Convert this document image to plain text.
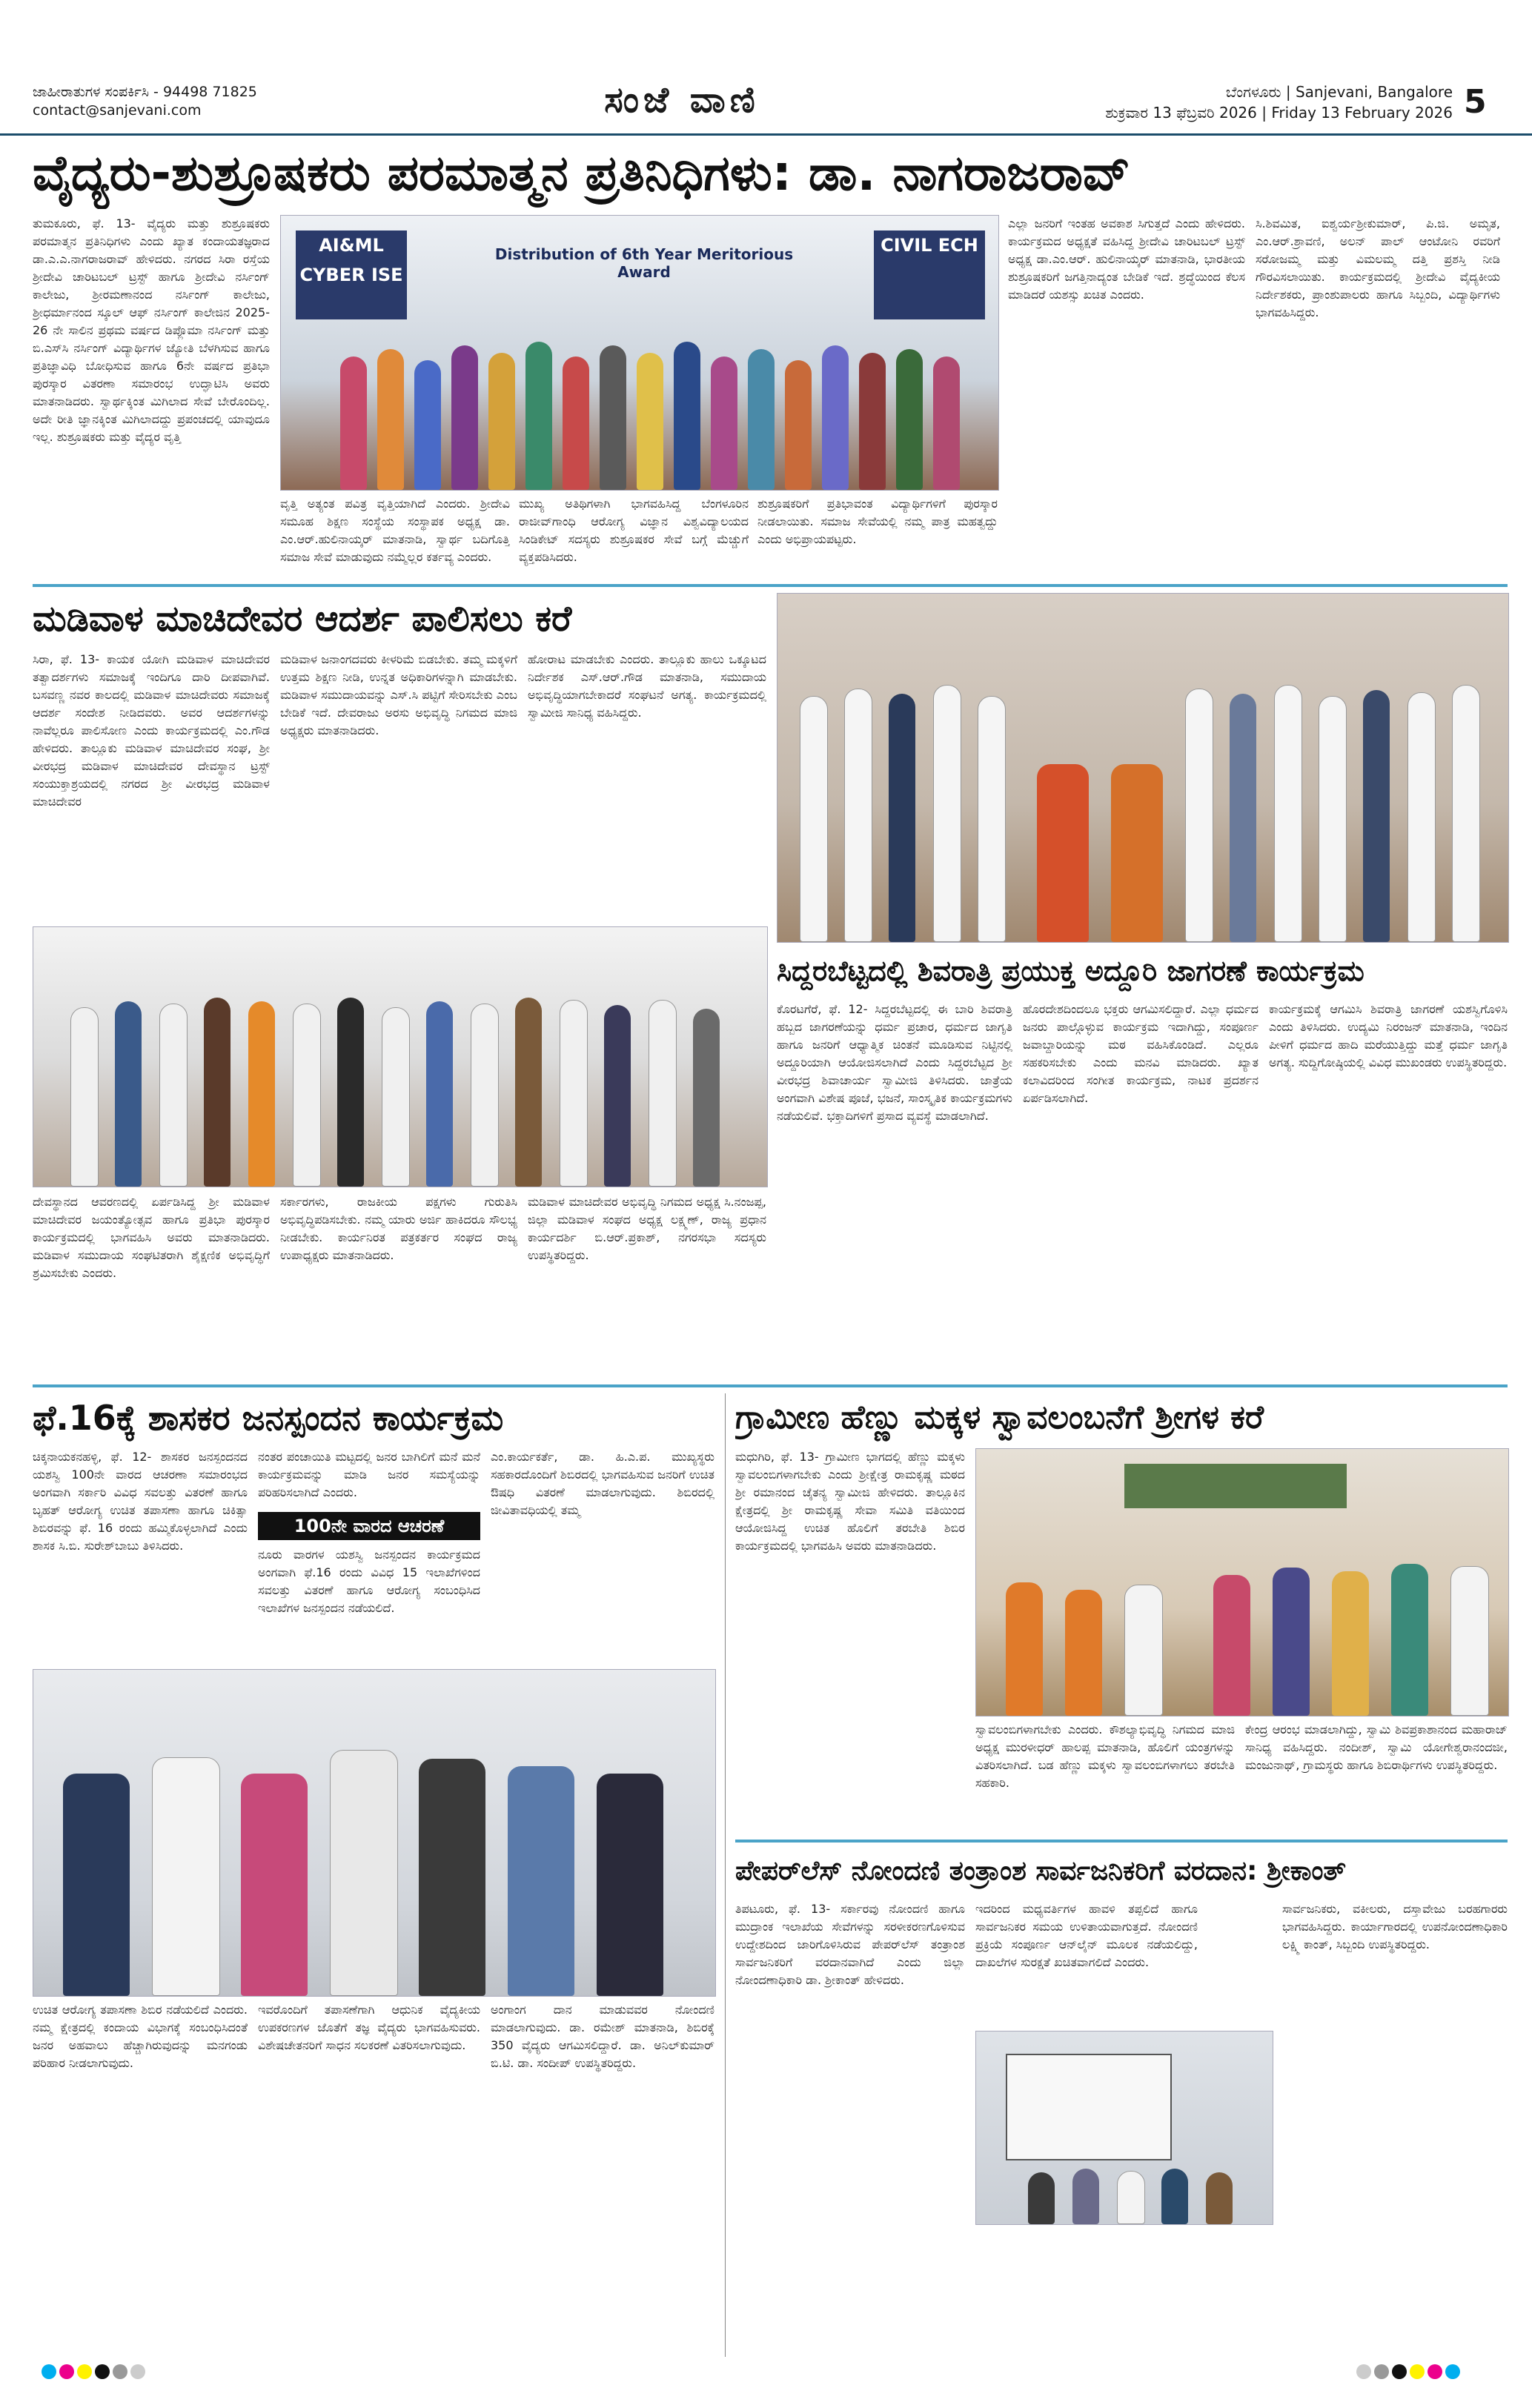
ಜಾಹೀರಾತುಗಳ ಸಂಪರ್ಕಿಸಿ - 94498 71825
contact@sanjevani.com	ಸಂಜೆ ವಾಣಿ	ಬೆಂಗಳೂರು | Sanjevani, Bangalore
ಶುಕ್ರವಾರ 13 ಫೆಬ್ರವರಿ 2026 | Friday 13 February 2026 5
ವೈದ್ಯರು-ಶುಶ್ರೂಷಕರು ಪರಮಾತ್ಮನ ಪ್ರತಿನಿಧಿಗಳು: ಡಾ. ನಾಗರಾಜರಾವ್
ತುಮಕೂರು, ಫೆ. 13- ವೈದ್ಯರು ಮತ್ತು ಶುಶ್ರೂಷಕರು ಪರಮಾತ್ಮನ ಪ್ರತಿನಿಧಿಗಳು ಎಂದು ಖ್ಯಾತ ಕಂದಾಯತಜ್ಞರಾದ ಡಾ.ಎ.ಎ.ನಾಗರಾಜರಾವ್ ಹೇಳಿದರು. ನಗರದ ಸಿರಾ ರಸ್ತೆಯ ಶ್ರೀದೇವಿ ಚಾರಿಟಬಲ್ ಟ್ರಸ್ಟ್ ಹಾಗೂ ಶ್ರೀದೇವಿ ನರ್ಸಿಂಗ್ ಕಾಲೇಜು, ಶ್ರೀರಮಣಾನಂದ ನರ್ಸಿಂಗ್ ಕಾಲೇಜು, ಶ್ರೀಧರ್ಮಾನಂದ ಸ್ಕೂಲ್ ಆಫ್ ನರ್ಸಿಂಗ್ ಕಾಲೇಜಿನ 2025-26 ನೇ ಸಾಲಿನ ಪ್ರಥಮ ವರ್ಷದ ಡಿಪ್ಲೊಮಾ ನರ್ಸಿಂಗ್ ಮತ್ತು ಬಿ.ಎಸ್‌ಸಿ ನರ್ಸಿಂಗ್ ವಿದ್ಯಾರ್ಥಿಗಳ ಜ್ಯೋತಿ ಬೆಳಗಿಸುವ ಹಾಗೂ ಪ್ರತಿಜ್ಞಾವಿಧಿ ಬೋಧಿಸುವ ಹಾಗೂ 6ನೇ ವರ್ಷದ ಪ್ರತಿಭಾ ಪುರಸ್ಕಾರ ವಿತರಣಾ ಸಮಾರಂಭ ಉದ್ಘಾಟಿಸಿ ಅವರು ಮಾತನಾಡಿದರು. ಸ್ವಾರ್ಥಕ್ಕಿಂತ ಮಿಗಿಲಾದ ಸೇವೆ ಬೇರೊಂದಿಲ್ಲ. ಅದೇ ರೀತಿ ಜ್ಞಾನಕ್ಕಿಂತ ಮಿಗಿಲಾದದ್ದು ಪ್ರಪಂಚದಲ್ಲಿ ಯಾವುದೂ ಇಲ್ಲ. ಶುಶ್ರೂಷಕರು ಮತ್ತು ವೈದ್ಯರ ವೃತ್ತಿ
AI&ML CYBER ISE
CIVIL ECH
Distribution of 6th Year Meritorious Award
ವೃತ್ತಿ ಅತ್ಯಂತ ಪವಿತ್ರ ವೃತ್ತಿಯಾಗಿದೆ ಎಂದರು. ಶ್ರೀದೇವಿ ಸಮೂಹ ಶಿಕ್ಷಣ ಸಂಸ್ಥೆಯ ಸಂಸ್ಥಾಪಕ ಅಧ್ಯಕ್ಷ ಡಾ. ಎಂ.ಆರ್.ಹುಲಿನಾಯ್ಕರ್ ಮಾತನಾಡಿ, ಸ್ವಾರ್ಥ ಬದಿಗೊತ್ತಿ ಸಮಾಜ ಸೇವೆ ಮಾಡುವುದು ನಮ್ಮೆಲ್ಲರ ಕರ್ತವ್ಯ ಎಂದರು.
ಮುಖ್ಯ ಅತಿಥಿಗಳಾಗಿ ಭಾಗವಹಿಸಿದ್ದ ಬೆಂಗಳೂರಿನ ರಾಜೀವ್‌ಗಾಂಧಿ ಆರೋಗ್ಯ ವಿಜ್ಞಾನ ವಿಶ್ವವಿದ್ಯಾಲಯದ ಸಿಂಡಿಕೇಟ್ ಸದಸ್ಯರು ಶುಶ್ರೂಷಕರ ಸೇವೆ ಬಗ್ಗೆ ಮೆಚ್ಚುಗೆ ವ್ಯಕ್ತಪಡಿಸಿದರು.
ಶುಶ್ರೂಷಕರಿಗೆ ಪ್ರತಿಭಾವಂತ ವಿದ್ಯಾರ್ಥಿಗಳಿಗೆ ಪುರಸ್ಕಾರ ನೀಡಲಾಯಿತು. ಸಮಾಜ ಸೇವೆಯಲ್ಲಿ ನಮ್ಮ ಪಾತ್ರ ಮಹತ್ವದ್ದು ಎಂದು ಅಭಿಪ್ರಾಯಪಟ್ಟರು.
ಎಲ್ಲಾ ಜನರಿಗೆ ಇಂತಹ ಅವಕಾಶ ಸಿಗುತ್ತದೆ ಎಂದು ಹೇಳಿದರು. ಕಾರ್ಯಕ್ರಮದ ಅಧ್ಯಕ್ಷತೆ ವಹಿಸಿದ್ದ ಶ್ರೀದೇವಿ ಚಾರಿಟಬಲ್ ಟ್ರಸ್ಟ್ ಅಧ್ಯಕ್ಷ ಡಾ.ಎಂ.ಆರ್. ಹುಲಿನಾಯ್ಕರ್ ಮಾತನಾಡಿ, ಭಾರತೀಯ ಶುಶ್ರೂಷಕರಿಗೆ ಜಗತ್ತಿನಾದ್ಯಂತ ಬೇಡಿಕೆ ಇದೆ. ಶ್ರದ್ಧೆಯಿಂದ ಕೆಲಸ ಮಾಡಿದರೆ ಯಶಸ್ಸು ಖಚಿತ ಎಂದರು.
ಸಿ.ಶಿವಮಿತ, ಐಶ್ವರ್ಯಶ್ರೀಕುಮಾರ್, ಪಿ.ಜಿ. ಅಮೃತ, ಎಂ.ಆರ್.ಶ್ರಾವಣಿ, ಅಲನ್ ಪಾಲ್ ಆಂಟೋನಿ ರವರಿಗೆ ಸರೋಜಮ್ಮ ಮತ್ತು ವಿಮಲಮ್ಮ ದತ್ತಿ ಪ್ರಶಸ್ತಿ ನೀಡಿ ಗೌರವಿಸಲಾಯಿತು. ಕಾರ್ಯಕ್ರಮದಲ್ಲಿ ಶ್ರೀದೇವಿ ವೈದ್ಯಕೀಯ ನಿರ್ದೇಶಕರು, ಪ್ರಾಂಶುಪಾಲರು ಹಾಗೂ ಸಿಬ್ಬಂದಿ, ವಿದ್ಯಾರ್ಥಿಗಳು ಭಾಗವಹಿಸಿದ್ದರು.
ಮಡಿವಾಳ ಮಾಚಿದೇವರ ಆದರ್ಶ ಪಾಲಿಸಲು ಕರೆ
ಸಿರಾ, ಫೆ. 13- ಕಾಯಕ ಯೋಗಿ ಮಡಿವಾಳ ಮಾಚಿದೇವರ ತತ್ವಾದರ್ಶಗಳು ಸಮಾಜಕ್ಕೆ ಇಂದಿಗೂ ದಾರಿ ದೀಪವಾಗಿವೆ. ಬಸವಣ್ಣ ನವರ ಕಾಲದಲ್ಲಿ ಮಡಿವಾಳ ಮಾಚಿದೇವರು ಸಮಾಜಕ್ಕೆ ಆದರ್ಶ ಸಂದೇಶ ನೀಡಿದವರು. ಅವರ ಆದರ್ಶಗಳನ್ನು ನಾವೆಲ್ಲರೂ ಪಾಲಿಸೋಣ ಎಂದು ಕಾರ್ಯಕ್ರಮದಲ್ಲಿ ಎಂ.ಗೌಡ ಹೇಳಿದರು. ತಾಲ್ಲೂಕು ಮಡಿವಾಳ ಮಾಚಿದೇವರ ಸಂಘ, ಶ್ರೀ ವೀರಭದ್ರ ಮಡಿವಾಳ ಮಾಚಿದೇವರ ದೇವಸ್ಥಾನ ಟ್ರಸ್ಟ್ ಸಂಯುಕ್ತಾಶ್ರಯದಲ್ಲಿ ನಗರದ ಶ್ರೀ ವೀರಭದ್ರ ಮಡಿವಾಳ ಮಾಚಿದೇವರ
ಮಡಿವಾಳ ಜನಾಂಗದವರು ಕೀಳರಿಮೆ ಬಿಡಬೇಕು. ತಮ್ಮ ಮಕ್ಕಳಿಗೆ ಉತ್ತಮ ಶಿಕ್ಷಣ ನೀಡಿ, ಉನ್ನತ ಅಧಿಕಾರಿಗಳನ್ನಾಗಿ ಮಾಡಬೇಕು. ಮಡಿವಾಳ ಸಮುದಾಯವನ್ನು ಎಸ್.ಸಿ ಪಟ್ಟಿಗೆ ಸೇರಿಸಬೇಕು ಎಂಬ ಬೇಡಿಕೆ ಇದೆ. ದೇವರಾಜು ಅರಸು ಅಭಿವೃದ್ಧಿ ನಿಗಮದ ಮಾಜಿ ಅಧ್ಯಕ್ಷರು ಮಾತನಾಡಿದರು.
ಹೋರಾಟ ಮಾಡಬೇಕು ಎಂದರು. ತಾಲ್ಲೂಕು ಹಾಲು ಒಕ್ಕೂಟದ ನಿರ್ದೇಶಕ ಎಸ್.ಆರ್.ಗೌಡ ಮಾತನಾಡಿ, ಸಮುದಾಯ ಅಭಿವೃದ್ಧಿಯಾಗಬೇಕಾದರೆ ಸಂಘಟನೆ ಅಗತ್ಯ. ಕಾರ್ಯಕ್ರಮದಲ್ಲಿ ಸ್ವಾಮೀಜಿ ಸಾನಿಧ್ಯ ವಹಿಸಿದ್ದರು.
ದೇವಸ್ಥಾನದ ಆವರಣದಲ್ಲಿ ಏರ್ಪಡಿಸಿದ್ದ ಶ್ರೀ ಮಡಿವಾಳ ಮಾಚಿದೇವರ ಜಯಂತ್ಯೋತ್ಸವ ಹಾಗೂ ಪ್ರತಿಭಾ ಪುರಸ್ಕಾರ ಕಾರ್ಯಕ್ರಮದಲ್ಲಿ ಭಾಗವಹಿಸಿ ಅವರು ಮಾತನಾಡಿದರು. ಮಡಿವಾಳ ಸಮುದಾಯ ಸಂಘಟಿತರಾಗಿ ಶೈಕ್ಷಣಿಕ ಅಭಿವೃದ್ಧಿಗೆ ಶ್ರಮಿಸಬೇಕು ಎಂದರು.
ಸರ್ಕಾರಗಳು, ರಾಜಕೀಯ ಪಕ್ಷಗಳು ಗುರುತಿಸಿ ಅಭಿವೃದ್ಧಿಪಡಿಸಬೇಕು. ನಮ್ಮ ಯಾರು ಅರ್ಜಿ ಹಾಕಿದರೂ ಸೌಲಭ್ಯ ನೀಡಬೇಕು. ಕಾರ್ಯನಿರತ ಪತ್ರಕರ್ತರ ಸಂಘದ ರಾಜ್ಯ ಉಪಾಧ್ಯಕ್ಷರು ಮಾತನಾಡಿದರು.
ಮಡಿವಾಳ ಮಾಚಿದೇವರ ಅಭಿವೃದ್ಧಿ ನಿಗಮದ ಅಧ್ಯಕ್ಷ ಸಿ.ನಂಜಪ್ಪ, ಜಿಲ್ಲಾ ಮಡಿವಾಳ ಸಂಘದ ಅಧ್ಯಕ್ಷ ಲಕ್ಷ್ಮಣ್, ರಾಜ್ಯ ಪ್ರಧಾನ ಕಾರ್ಯದರ್ಶಿ ಬಿ.ಆರ್.ಪ್ರಕಾಶ್, ನಗರಸಭಾ ಸದಸ್ಯರು ಉಪಸ್ಥಿತರಿದ್ದರು.
ಸಿದ್ದರಬೆಟ್ಟದಲ್ಲಿ ಶಿವರಾತ್ರಿ ಪ್ರಯುಕ್ತ ಅದ್ದೂರಿ ಜಾಗರಣೆ ಕಾರ್ಯಕ್ರಮ
ಕೊರಟಗೆರೆ, ಫೆ. 12- ಸಿದ್ದರಬೆಟ್ಟದಲ್ಲಿ ಈ ಬಾರಿ ಶಿವರಾತ್ರಿ ಹಬ್ಬದ ಜಾಗರಣೆಯನ್ನು ಧರ್ಮ ಪ್ರಚಾರ, ಧರ್ಮದ ಜಾಗೃತಿ ಹಾಗೂ ಜನರಿಗೆ ಆಧ್ಯಾತ್ಮಿಕ ಚಿಂತನೆ ಮೂಡಿಸುವ ನಿಟ್ಟಿನಲ್ಲಿ ಅದ್ದೂರಿಯಾಗಿ ಆಯೋಜಿಸಲಾಗಿದೆ ಎಂದು ಸಿದ್ದರಬೆಟ್ಟದ ಶ್ರೀ ವೀರಭದ್ರ ಶಿವಾಚಾರ್ಯ ಸ್ವಾಮೀಜಿ ತಿಳಿಸಿದರು. ಜಾತ್ರೆಯ ಅಂಗವಾಗಿ ವಿಶೇಷ ಪೂಜೆ, ಭಜನೆ, ಸಾಂಸ್ಕೃತಿಕ ಕಾರ್ಯಕ್ರಮಗಳು ನಡೆಯಲಿವೆ. ಭಕ್ತಾದಿಗಳಿಗೆ ಪ್ರಸಾದ ವ್ಯವಸ್ಥೆ ಮಾಡಲಾಗಿದೆ.
ಹೊರದೇಶದಿಂದಲೂ ಭಕ್ತರು ಆಗಮಿಸಲಿದ್ದಾರೆ. ಎಲ್ಲಾ ಧರ್ಮದ ಜನರು ಪಾಲ್ಗೊಳ್ಳುವ ಕಾರ್ಯಕ್ರಮ ಇದಾಗಿದ್ದು, ಸಂಪೂರ್ಣ ಜವಾಬ್ದಾರಿಯನ್ನು ಮಠ ವಹಿಸಿಕೊಂಡಿದೆ. ಎಲ್ಲರೂ ಸಹಕರಿಸಬೇಕು ಎಂದು ಮನವಿ ಮಾಡಿದರು. ಖ್ಯಾತ ಕಲಾವಿದರಿಂದ ಸಂಗೀತ ಕಾರ್ಯಕ್ರಮ, ನಾಟಕ ಪ್ರದರ್ಶನ ಏರ್ಪಡಿಸಲಾಗಿದೆ.
ಕಾರ್ಯಕ್ರಮಕ್ಕೆ ಆಗಮಿಸಿ ಶಿವರಾತ್ರಿ ಜಾಗರಣೆ ಯಶಸ್ವಿಗೊಳಿಸಿ ಎಂದು ತಿಳಿಸಿದರು. ಉದ್ಯಮಿ ನಿರಂಜನ್ ಮಾತನಾಡಿ, ಇಂದಿನ ಪೀಳಿಗೆ ಧರ್ಮದ ಹಾದಿ ಮರೆಯುತ್ತಿದ್ದು ಮತ್ತೆ ಧರ್ಮ ಜಾಗೃತಿ ಅಗತ್ಯ. ಸುದ್ದಿಗೋಷ್ಠಿಯಲ್ಲಿ ವಿವಿಧ ಮುಖಂಡರು ಉಪಸ್ಥಿತರಿದ್ದರು.
ಫೆ.16ಕ್ಕೆ ಶಾಸಕರ ಜನಸ್ಪಂದನ ಕಾರ್ಯಕ್ರಮ
ಚಿಕ್ಕನಾಯಕನಹಳ್ಳಿ, ಫೆ. 12- ಶಾಸಕರ ಜನಸ್ಪಂದನದ ಯಶಸ್ವಿ 100ನೇ ವಾರದ ಆಚರಣಾ ಸಮಾರಂಭದ ಅಂಗವಾಗಿ ಸರ್ಕಾರಿ ವಿವಿಧ ಸವಲತ್ತು ವಿತರಣೆ ಹಾಗೂ ಬೃಹತ್ ಆರೋಗ್ಯ ಉಚಿತ ತಪಾಸಣಾ ಹಾಗೂ ಚಿಕಿತ್ಸಾ ಶಿಬಿರವನ್ನು ಫೆ. 16 ರಂದು ಹಮ್ಮಿಕೊಳ್ಳಲಾಗಿದೆ ಎಂದು ಶಾಸಕ ಸಿ.ಬಿ. ಸುರೇಶ್‌ಬಾಬು ತಿಳಿಸಿದರು.
ನಂತರ ಪಂಚಾಯಿತಿ ಮಟ್ಟದಲ್ಲಿ ಜನರ ಬಾಗಿಲಿಗೆ ಮನೆ ಮನೆ ಕಾರ್ಯಕ್ರಮವನ್ನು ಮಾಡಿ ಜನರ ಸಮಸ್ಯೆಯನ್ನು ಪರಿಹರಿಸಲಾಗಿದೆ ಎಂದರು.
100ನೇ ವಾರದ ಆಚರಣೆ
ನೂರು ವಾರಗಳ ಯಶಸ್ವಿ ಜನಸ್ಪಂದನ ಕಾರ್ಯಕ್ರಮದ ಅಂಗವಾಗಿ ಫೆ.16 ರಂದು ವಿವಿಧ 15 ಇಲಾಖೆಗಳಿಂದ ಸವಲತ್ತು ವಿತರಣೆ ಹಾಗೂ ಆರೋಗ್ಯ ಸಂಬಂಧಿಸಿದ ಇಲಾಖೆಗಳ ಜನಸ್ಪಂದನ ನಡೆಯಲಿದೆ.
ಎಂ.ಕಾರ್ಯಕರ್ತೆ, ಡಾ. ಹಿ.ಎ.ಪ. ಮುಖ್ಯಸ್ಥರು ಸಹಕಾರದೊಂದಿಗೆ ಶಿಬಿರದಲ್ಲಿ ಭಾಗವಹಿಸುವ ಜನರಿಗೆ ಉಚಿತ ಔಷಧಿ ವಿತರಣೆ ಮಾಡಲಾಗುವುದು. ಶಿಬಿರದಲ್ಲಿ ಜೀವಿತಾವಧಿಯಲ್ಲಿ ತಮ್ಮ
ಉಚಿತ ಆರೋಗ್ಯ ತಪಾಸಣಾ ಶಿಬಿರ ನಡೆಯಲಿದೆ ಎಂದರು. ನಮ್ಮ ಕ್ಷೇತ್ರದಲ್ಲಿ ಕಂದಾಯ ವಿಭಾಗಕ್ಕೆ ಸಂಬಂಧಿಸಿದಂತೆ ಜನರ ಅಹವಾಲು ಹೆಚ್ಚಾಗಿರುವುದನ್ನು ಮನಗಂಡು ಪರಿಹಾರ ನೀಡಲಾಗುವುದು.
ಇವರೊಂದಿಗೆ ತಪಾಸಣೆಗಾಗಿ ಆಧುನಿಕ ವೈದ್ಯಕೀಯ ಉಪಕರಣಗಳ ಜೊತೆಗೆ ತಜ್ಞ ವೈದ್ಯರು ಭಾಗವಹಿಸುವರು. ವಿಶೇಷಚೇತನರಿಗೆ ಸಾಧನ ಸಲಕರಣೆ ವಿತರಿಸಲಾಗುವುದು.
ಅಂಗಾಂಗ ದಾನ ಮಾಡುವವರ ನೋಂದಣಿ ಮಾಡಲಾಗುವುದು. ಡಾ. ರಮೇಶ್ ಮಾತನಾಡಿ, ಶಿಬಿರಕ್ಕೆ 350 ವೈದ್ಯರು ಆಗಮಿಸಲಿದ್ದಾರೆ. ಡಾ. ಅನಿಲ್‌ಕುಮಾರ್ ಬಿ.ಟಿ. ಡಾ. ಸಂದೀಪ್ ಉಪಸ್ಥಿತರಿದ್ದರು.
ಗ್ರಾಮೀಣ ಹೆಣ್ಣು ಮಕ್ಕಳ ಸ್ವಾವಲಂಬನೆಗೆ ಶ್ರೀಗಳ ಕರೆ
ಮಧುಗಿರಿ, ಫೆ. 13- ಗ್ರಾಮೀಣ ಭಾಗದಲ್ಲಿ ಹೆಣ್ಣು ಮಕ್ಕಳು ಸ್ವಾವಲಂಬಿಗಳಾಗಬೇಕು ಎಂದು ಶ್ರೀಕ್ಷೇತ್ರ ರಾಮಕೃಷ್ಣ ಮಠದ ಶ್ರೀ ರಮಾನಂದ ಚೈತನ್ಯ ಸ್ವಾಮೀಜಿ ಹೇಳಿದರು. ತಾಲ್ಲೂಕಿನ ಕ್ಷೇತ್ರದಲ್ಲಿ ಶ್ರೀ ರಾಮಕೃಷ್ಣ ಸೇವಾ ಸಮಿತಿ ವತಿಯಿಂದ ಆಯೋಜಿಸಿದ್ದ ಉಚಿತ ಹೊಲಿಗೆ ತರಬೇತಿ ಶಿಬಿರ ಕಾರ್ಯಕ್ರಮದಲ್ಲಿ ಭಾಗವಹಿಸಿ ಅವರು ಮಾತನಾಡಿದರು.
ಸ್ವಾವಲಂಬಿಗಳಾಗಬೇಕು ಎಂದರು. ಕೌಶಲ್ಯಾಭಿವೃದ್ಧಿ ನಿಗಮದ ಮಾಜಿ ಅಧ್ಯಕ್ಷ ಮುರಳೀಧರ್ ಹಾಲಪ್ಪ ಮಾತನಾಡಿ, ಹೊಲಿಗೆ ಯಂತ್ರಗಳನ್ನು ವಿತರಿಸಲಾಗಿದೆ. ಬಡ ಹೆಣ್ಣು ಮಕ್ಕಳು ಸ್ವಾವಲಂಬಿಗಳಾಗಲು ತರಬೇತಿ ಸಹಕಾರಿ.
ಕೇಂದ್ರ ಆರಂಭ ಮಾಡಲಾಗಿದ್ದು, ಸ್ವಾಮಿ ಶಿವಪ್ರಕಾಶಾನಂದ ಮಹಾರಾಜ್ ಸಾನಿಧ್ಯ ವಹಿಸಿದ್ದರು. ನಂದೀಶ್, ಸ್ವಾಮಿ ಯೋಗೇಶ್ವರಾನಂದಜೀ, ಮಂಜುನಾಥ್, ಗ್ರಾಮಸ್ಥರು ಹಾಗೂ ಶಿಬಿರಾರ್ಥಿಗಳು ಉಪಸ್ಥಿತರಿದ್ದರು.
ಪೇಪರ್‌ಲೆಸ್ ನೋಂದಣಿ ತಂತ್ರಾಂಶ ಸಾರ್ವಜನಿಕರಿಗೆ ವರದಾನ: ಶ್ರೀಕಾಂತ್
ತಿಪಟೂರು, ಫೆ. 13- ಸರ್ಕಾರವು ನೋಂದಣಿ ಹಾಗೂ ಮುದ್ರಾಂಕ ಇಲಾಖೆಯ ಸೇವೆಗಳನ್ನು ಸರಳೀಕರಣಗೊಳಿಸುವ ಉದ್ದೇಶದಿಂದ ಜಾರಿಗೊಳಿಸಿರುವ ಪೇಪರ್‌ಲೆಸ್ ತಂತ್ರಾಂಶ ಸಾರ್ವಜನಿಕರಿಗೆ ವರದಾನವಾಗಿದೆ ಎಂದು ಜಿಲ್ಲಾ ನೋಂದಣಾಧಿಕಾರಿ ಡಾ. ಶ್ರೀಕಾಂತ್ ಹೇಳಿದರು.
ಇದರಿಂದ ಮಧ್ಯವರ್ತಿಗಳ ಹಾವಳಿ ತಪ್ಪಲಿದೆ ಹಾಗೂ ಸಾರ್ವಜನಿಕರ ಸಮಯ ಉಳಿತಾಯವಾಗುತ್ತದೆ. ನೋಂದಣಿ ಪ್ರಕ್ರಿಯೆ ಸಂಪೂರ್ಣ ಆನ್‌ಲೈನ್ ಮೂಲಕ ನಡೆಯಲಿದ್ದು, ದಾಖಲೆಗಳ ಸುರಕ್ಷತೆ ಖಚಿತವಾಗಲಿದೆ ಎಂದರು.
ಸಾರ್ವಜನಿಕರು, ವಕೀಲರು, ದಸ್ತಾವೇಜು ಬರಹಗಾರರು ಭಾಗವಹಿಸಿದ್ದರು. ಕಾರ್ಯಾಗಾರದಲ್ಲಿ ಉಪನೋಂದಣಾಧಿಕಾರಿ ಲಕ್ಷ್ಮಿ ಕಾಂತ್, ಸಿಬ್ಬಂದಿ ಉಪಸ್ಥಿತರಿದ್ದರು.
